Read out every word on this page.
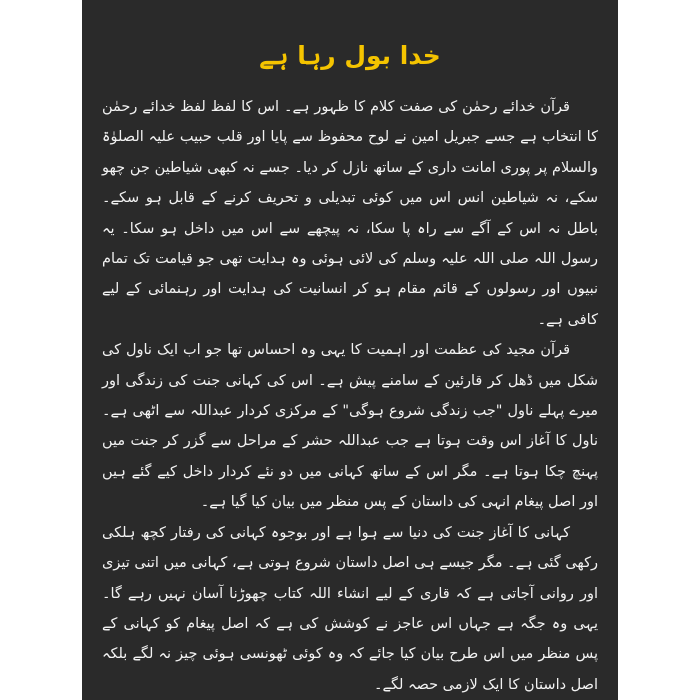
خدا بول رہا ہے

قرآن خدائے رحمٰن کی صفت کلام کا ظہور ہے۔ اس کا لفظ لفظ خدائے رحمٰن کا انتخاب ہے جسے جبریل امین نے لوح محفوظ سے پایا اور قلب حبیب علیہ الصلوٰۃ والسلام پر پوری امانت داری کے ساتھ نازل کر دیا۔ جسے نہ کبھی شیاطین جن چھو سکے، نہ شیاطین انس اس میں کوئی تبدیلی و تحریف کرنے کے قابل ہو سکے۔ باطل نہ اس کے آگے سے راہ پا سکا، نہ پیچھے سے اس میں داخل ہو سکا۔ یہ رسول اللہ صلی اللہ علیہ وسلم کی لائی ہوئی وہ ہدایت تھی جو قیامت تک تمام نبیوں اور رسولوں کے قائم مقام ہو کر انسانیت کی ہدایت اور رہنمائی کے لیے کافی ہے۔

قرآن مجید کی عظمت اور اہمیت کا یہی وہ احساس تھا جو اب ایک ناول کی شکل میں ڈھل کر قارئین کے سامنے پیش ہے۔ اس کی کہانی جنت کی زندگی اور میرے پہلے ناول "جب زندگی شروع ہوگی" کے مرکزی کردار عبداللہ سے اٹھی ہے۔ ناول کا آغاز اس وقت ہوتا ہے جب عبداللہ حشر کے مراحل سے گزر کر جنت میں پہنچ چکا ہوتا ہے۔ مگر اس کے ساتھ کہانی میں دو نئے کردار داخل کیے گئے ہیں اور اصل پیغام انہی کی داستان کے پس منظر میں بیان کیا گیا ہے۔

کہانی کا آغاز جنت کی دنیا سے ہوا ہے اور بوجوہ کہانی کی رفتار کچھ ہلکی رکھی گئی ہے۔ مگر جیسے ہی اصل داستان شروع ہوتی ہے، کہانی میں اتنی تیزی اور روانی آجاتی ہے کہ قاری کے لیے انشاء اللہ کتاب چھوڑنا آسان نہیں رہے گا۔ یہی وہ جگہ ہے جہاں اس عاجز نے کوشش کی ہے کہ اصل پیغام کو کہانی کے پس منظر میں اس طرح بیان کیا جائے کہ وہ کوئی ٹھونسی ہوئی چیز نہ لگے بلکہ اصل داستان کا ایک لازمی حصہ لگے۔
